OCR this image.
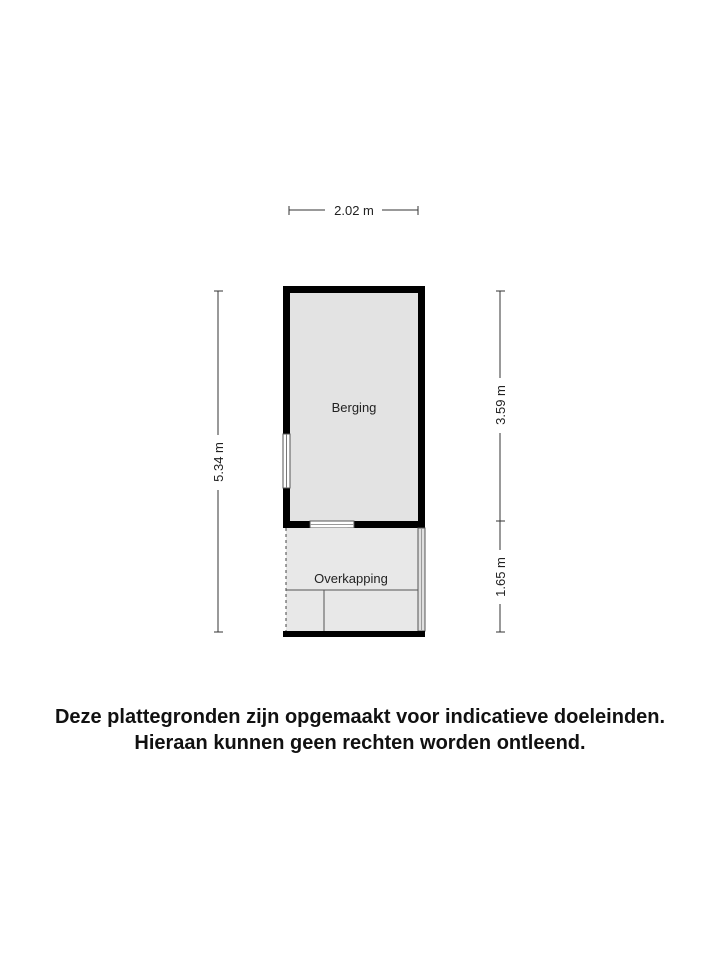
2.02 m
5.34 m
3.59 m
1.65 m
Berging
Overkapping
Deze plattegronden zijn opgemaakt voor indicatieve doeleinden.
Hieraan kunnen geen rechten worden ontleend.
